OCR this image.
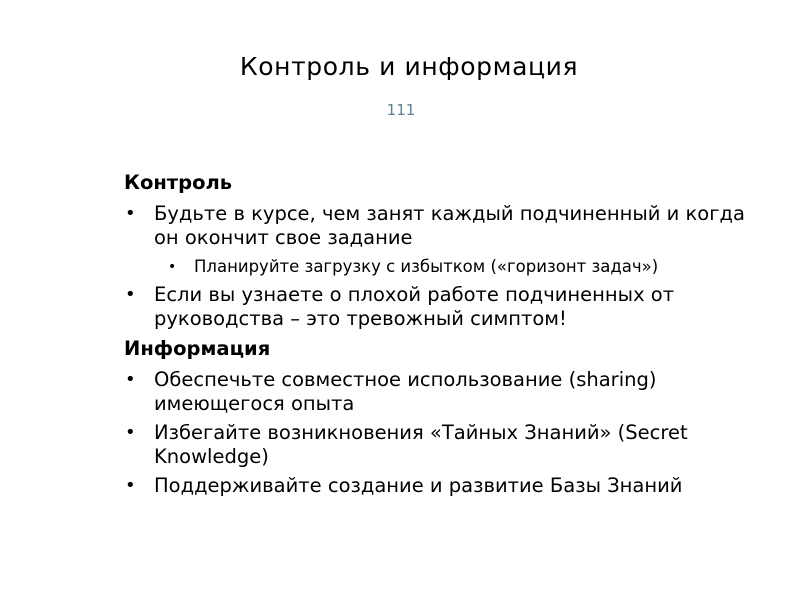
Контроль и информация
111
Контроль
• Будьте в курсе, чем занят каждый подчиненный и когда он окончит свое задание
• Планируйте загрузку с избытком («горизонт задач»)
• Если вы узнаете о плохой работе подчиненных от руководства – это тревожный симптом!
Информация
• Обеспечьте совместное использование (sharing) имеющегося опыта
• Избегайте возникновения «Тайных Знаний» (Secret Knowledge)
• Поддерживайте создание и развитие Базы Знаний
